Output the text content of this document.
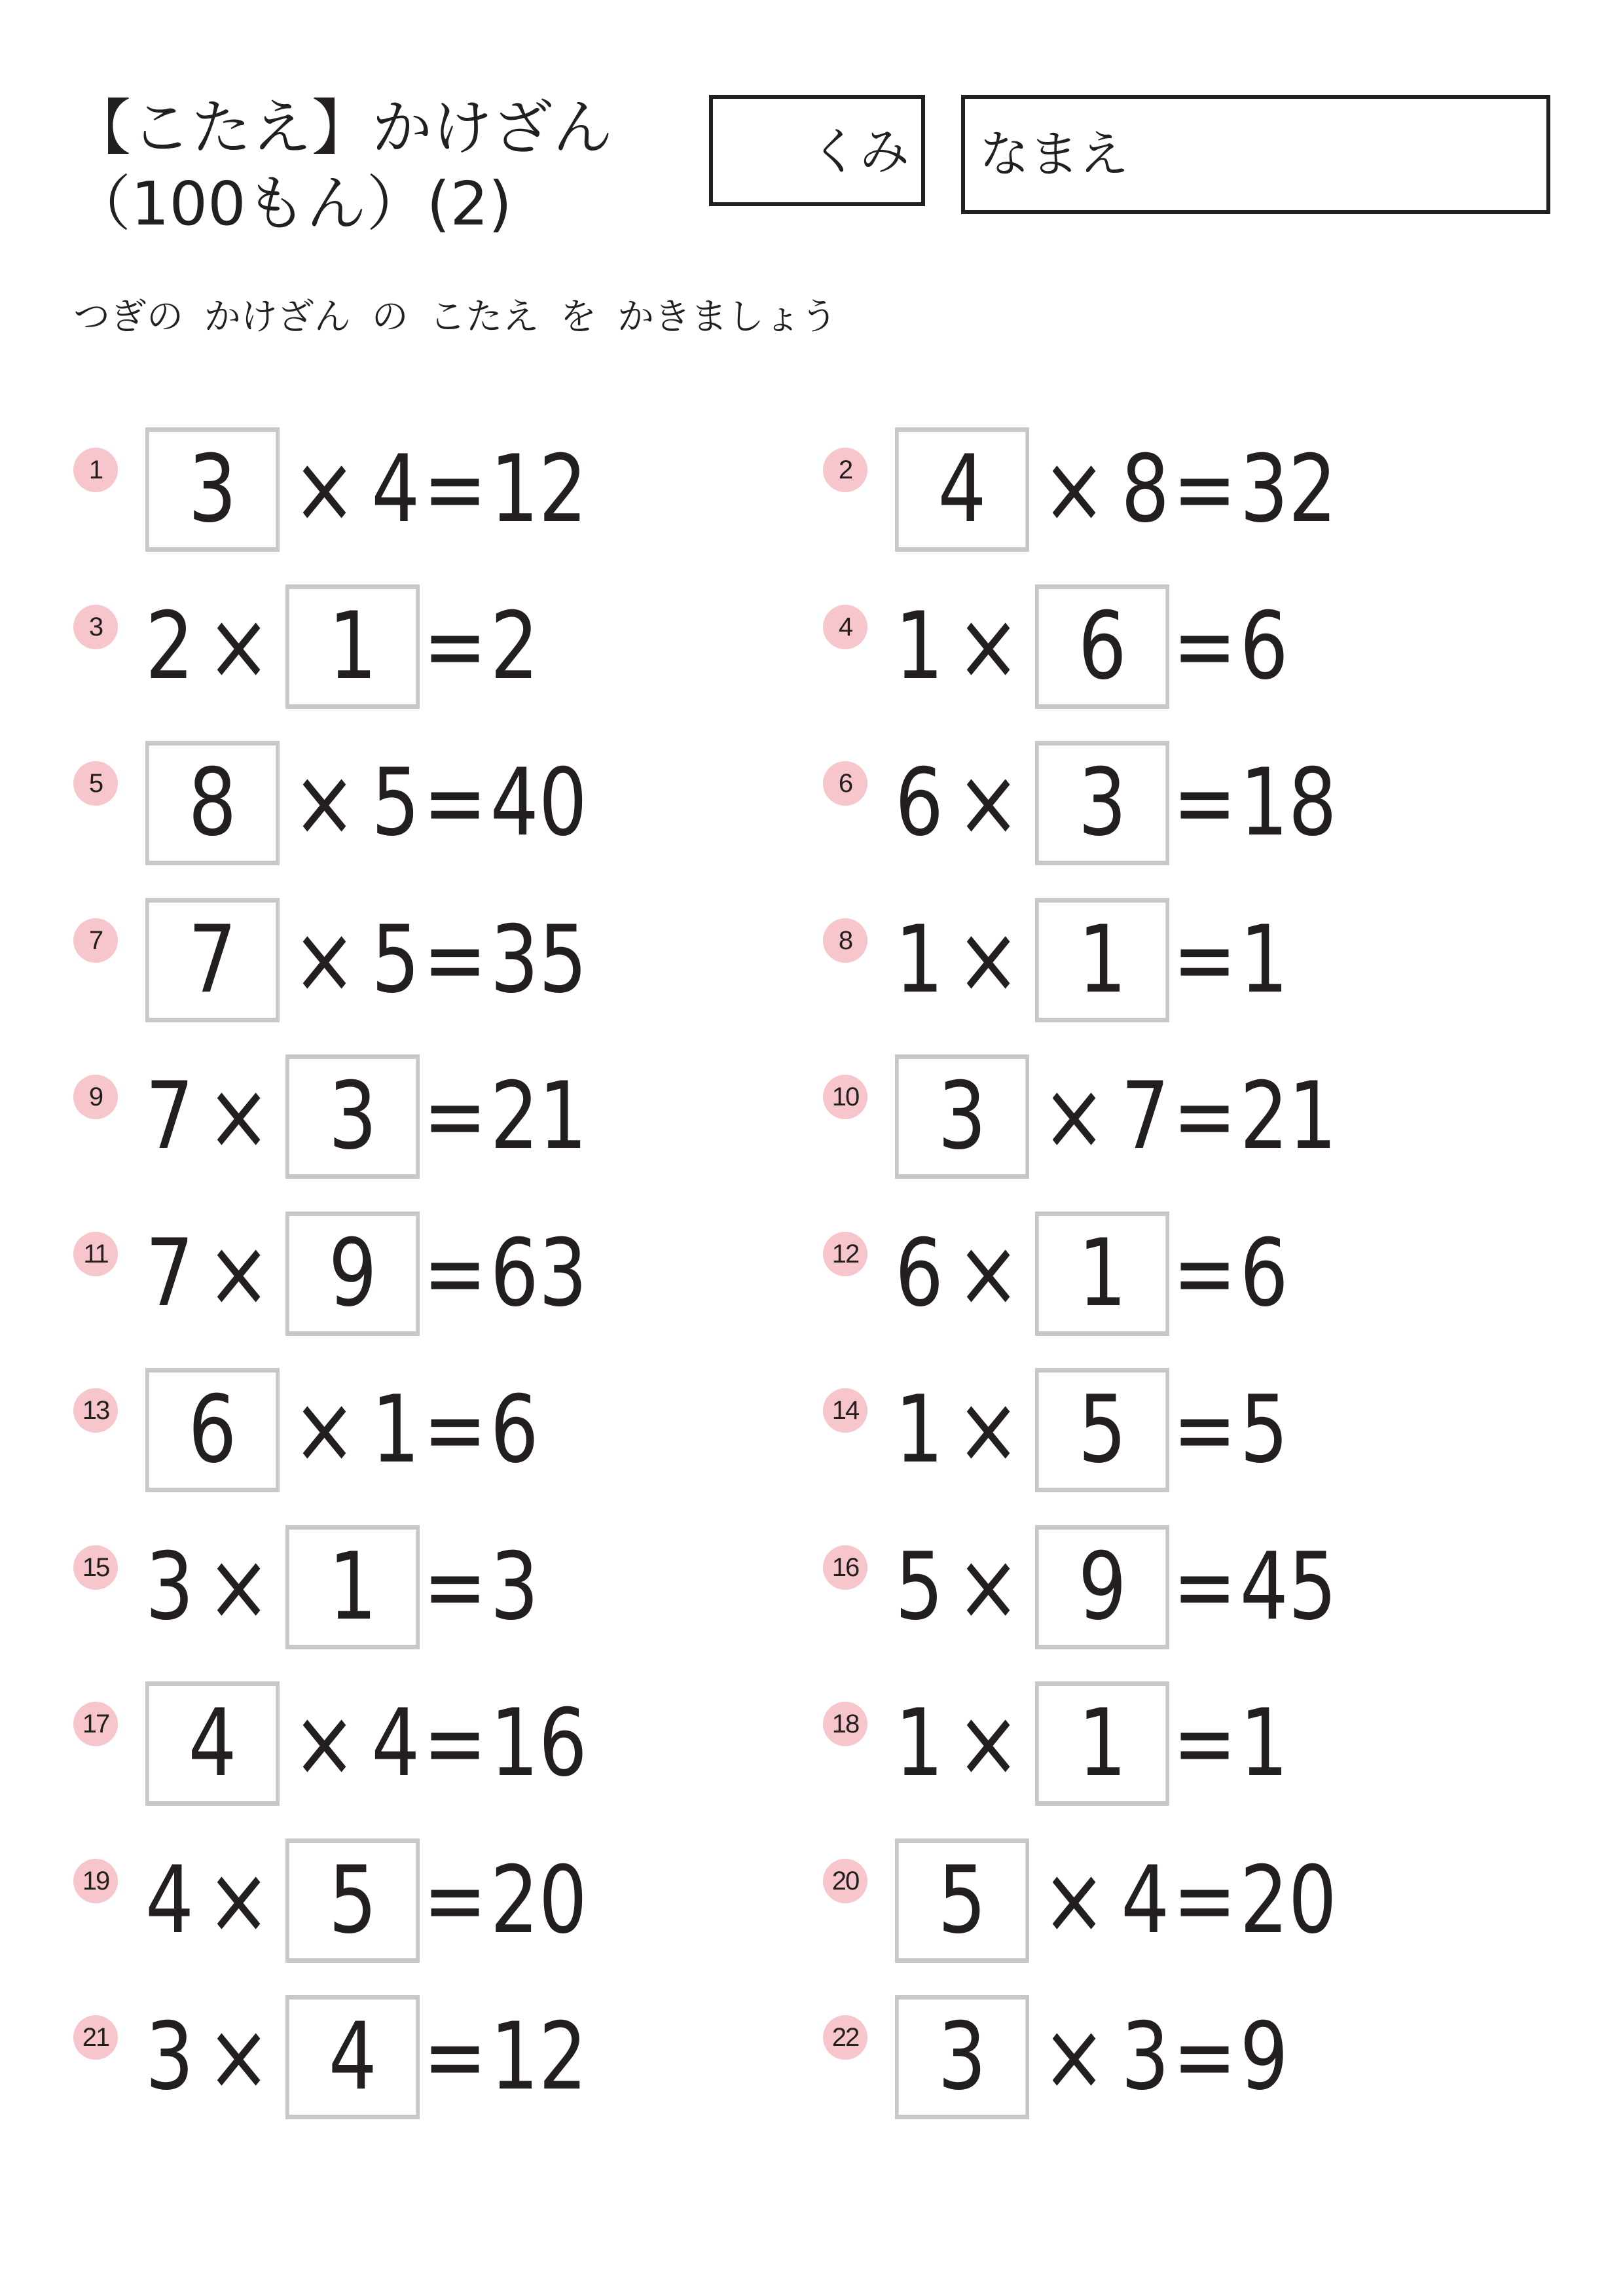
【こたえ】かけざん
（100もん）(2)
くみ なまえ
つぎの かけざん の こたえ を かきましょう
1 3 × 4 = 12	2 4 × 8 = 32
3 2 × 1 = 2	4 1 × 6 = 6
5 8 × 5 = 40	6 6 × 3 = 18
7 7 × 5 = 35	8 1 × 1 = 1
9 7 × 3 = 21	10 3 × 7 = 21
11 7 × 9 = 63	12 6 × 1 = 6
13 6 × 1 = 6	14 1 × 5 = 5
15 3 × 1 = 3	16 5 × 9 = 45
17 4 × 4 = 16	18 1 × 1 = 1
19 4 × 5 = 20	20 5 × 4 = 20
21 3 × 4 = 12	22 3 × 3 = 9
